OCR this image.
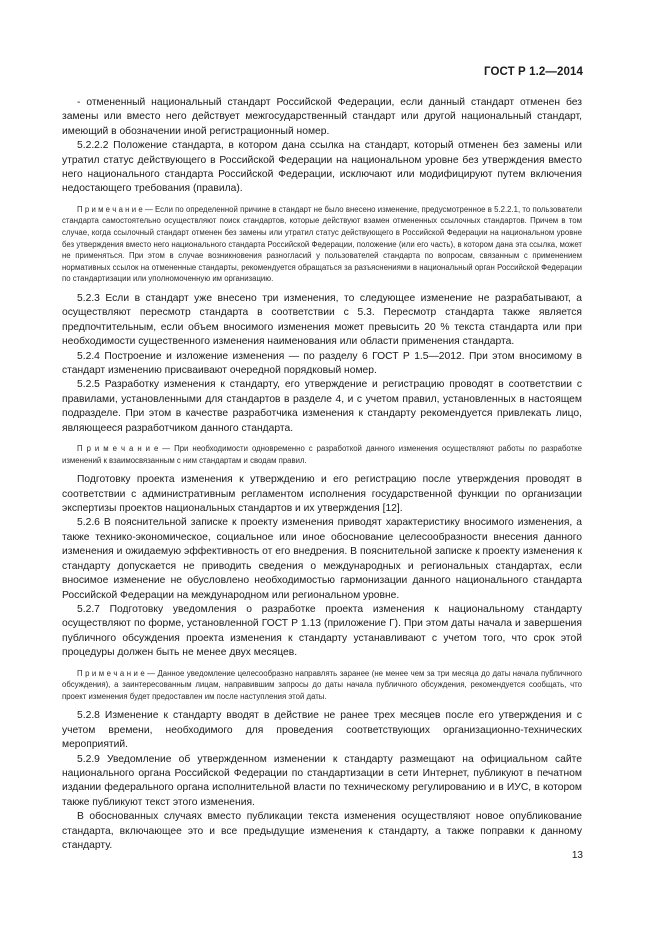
ГОСТ Р 1.2—2014

- отмененный национальный стандарт Российской Федерации, если данный стандарт отменен без замены или вместо него действует межгосударственный стандарт или другой национальный стандарт, имеющий в обозначении иной регистрационный номер.

5.2.2.2 Положение стандарта, в котором дана ссылка на стандарт, который отменен без замены или утратил статус действующего в Российской Федерации на национальном уровне без утверждения вместо него национального стандарта Российской Федерации, исключают или модифицируют путем включения недостающего требования (правила).

П р и м е ч а н и е — Если по определенной причине в стандарт не было внесено изменение, предусмотренное в 5.2.2.1, то пользователи стандарта самостоятельно осуществляют поиск стандартов, которые действуют взамен отмененных ссылочных стандартов. Причем в том случае, когда ссылочный стандарт отменен без замены или утратил статус действующего в Российской Федерации на национальном уровне без утверждения вместо него национального стандарта Российской Федерации, положение (или его часть), в котором дана эта ссылка, может не применяться. При этом в случае возникновения разногласий у пользователей стандарта по вопросам, связанным с применением нормативных ссылок на отмененные стандарты, рекомендуется обращаться за разъяснениями в национальный орган Российской Федерации по стандартизации или уполномоченную им организацию.

5.2.3 Если в стандарт уже внесено три изменения, то следующее изменение не разрабатывают, а осуществляют пересмотр стандарта в соответствии с 5.3. Пересмотр стандарта также является предпочтительным, если объем вносимого изменения может превысить 20 % текста стандарта или при необходимости существенного изменения наименования или области применения стандарта.

5.2.4 Построение и изложение изменения — по разделу 6 ГОСТ Р 1.5—2012. При этом вносимому в стандарт изменению присваивают очередной порядковый номер.

5.2.5 Разработку изменения к стандарту, его утверждение и регистрацию проводят в соответствии с правилами, установленными для стандартов в разделе 4, и с учетом правил, установленных в настоящем подразделе. При этом в качестве разработчика изменения к стандарту рекомендуется привлекать лицо, являющееся разработчиком данного стандарта.

П р и м е ч а н и е — При необходимости одновременно с разработкой данного изменения осуществляют работы по разработке изменений к взаимосвязанным с ним стандартам и сводам правил.

Подготовку проекта изменения к утверждению и его регистрацию после утверждения проводят в соответствии с административным регламентом исполнения государственной функции по организации экспертизы проектов национальных стандартов и их утверждения [12].

5.2.6 В пояснительной записке к проекту изменения приводят характеристику вносимого изменения, а также технико-экономическое, социальное или иное обоснование целесообразности внесения данного изменения и ожидаемую эффективность от его внедрения. В пояснительной записке к проекту изменения к стандарту допускается не приводить сведения о международных и региональных стандартах, если вносимое изменение не обусловлено необходимостью гармонизации данного национального стандарта Российской Федерации на международном или региональном уровне.

5.2.7 Подготовку уведомления о разработке проекта изменения к национальному стандарту осуществляют по форме, установленной ГОСТ Р 1.13 (приложение Г). При этом даты начала и завершения публичного обсуждения проекта изменения к стандарту устанавливают с учетом того, что срок этой процедуры должен быть не менее двух месяцев.

П р и м е ч а н и е — Данное уведомление целесообразно направлять заранее (не менее чем за три месяца до даты начала публичного обсуждения), а заинтересованным лицам, направившим запросы до даты начала публичного обсуждения, рекомендуется сообщать, что проект изменения будет предоставлен им после наступления этой даты.

5.2.8 Изменение к стандарту вводят в действие не ранее трех месяцев после его утверждения и с учетом времени, необходимого для проведения соответствующих организационно-технических мероприятий.

5.2.9 Уведомление об утвержденном изменении к стандарту размещают на официальном сайте национального органа Российской Федерации по стандартизации в сети Интернет, публикуют в печатном издании федерального органа исполнительной власти по техническому регулированию и в ИУС, в котором также публикуют текст этого изменения.

В обоснованных случаях вместо публикации текста изменения осуществляют новое опубликование стандарта, включающее это и все предыдущие изменения к стандарту, а также поправки к данному стандарту.

13
